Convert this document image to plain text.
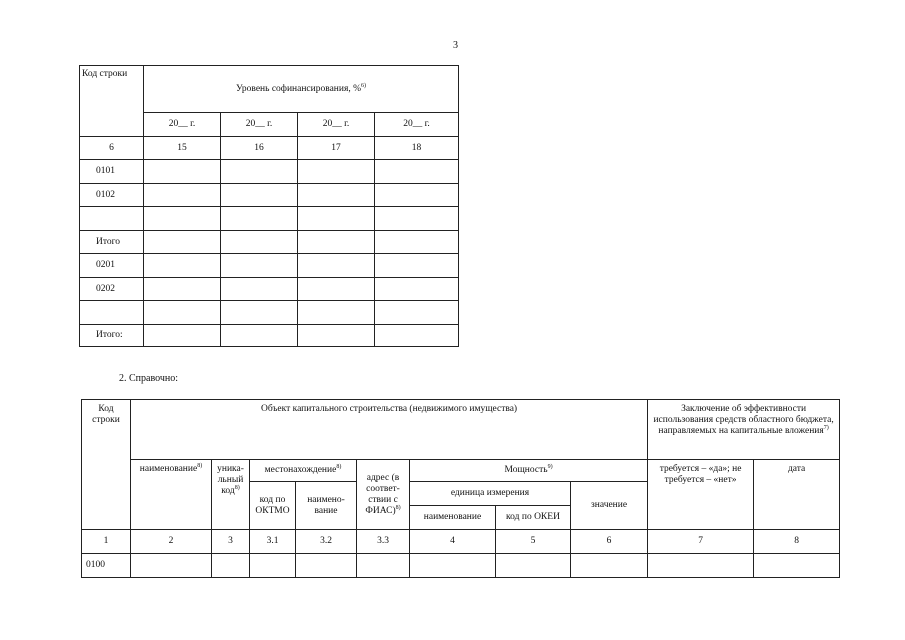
3
Код строки	Уровень софинансирования, %$^{6)}$
	20__ г.	20__ г.	20__ г.	20__ г.
6	15	16	17	18
0101				
0102				

Итого				
0201				
0202				

Итого:				
2. Справочно:
Код строки	Объект капитального строительства (недвижимого имущества)								Заключение об эффективности использования средств областного бюджета, направляемых на капитальные вложения$^{7)}$
	наименование$^{8)}$	уника-льный код$^{8)}$	местонахождение$^{8)}$		адрес (в соответ-ствии с ФИАС)$^{8)}$	Мощность$^{9)}$			требуется – «да»; не требуется – «нет»	дата
			код по ОКТМО	наимено-вание		единица измерения		значение		
						наименование	код по ОКЕИ			
1	2	3	3.1	3.2	3.3	4	5	6	7	8
0100										
